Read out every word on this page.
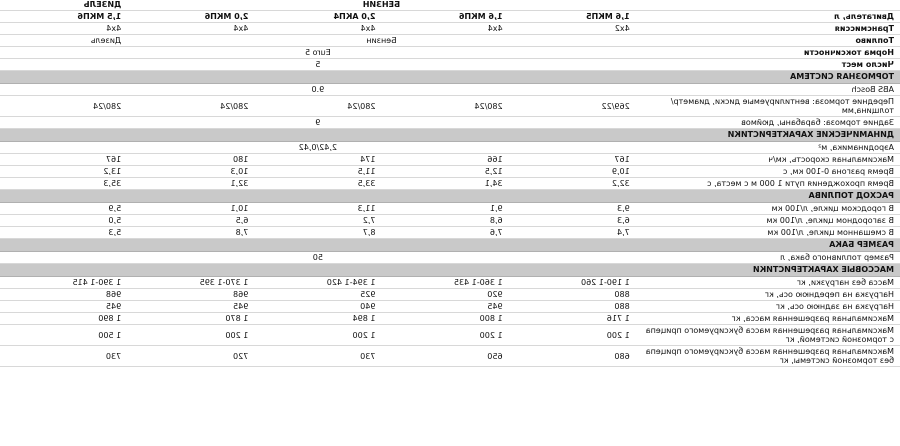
	БЕНЗИН				ДИЗЕЛЬ
Двигатель, л	1,6 МКП5	1,6 МКП6	2,0 АКП4	2,0 МКП6	1,5 МКП6
Трансмиссия	4x2	4x4	4x4	4x4	4x4
Топливо	Бензин				Дизель
Норма токсичности	Euro 5				
Число мест	5				
ТОРМОЗНАЯ СИСТЕМА					
ABS Bosch	9.0				
Передние тормоза: вентилируемые диски, диаметр/толщина,мм	269/22	280/24	280/24	280/24	280/24
Задние тормоза: барабаны, дюймов	9				
ДИНАМИЧЕСКИЕ ХАРАКТЕРИСТИКИ					
Аэродинамика, м²	2,42/0,42				
Максимальная скорость, км/ч	167	166	174	180	167
Время разгона 0-100 км, с	10,9	12,5	11,5	10,3	13,2
Время прохождения пути 1 000 м с места, с	32,2	34,1	33,5	32,1	35,3
РАСХОД ТОПЛИВА					
В городском цикле, л/100 км	9,3	9,1	11,3	10,1	5,9
В загородном цикле, л/100 км	6,3	6,8	7,2	6,5	5,0
В смешанном цикле, л/100 км	7,4	7,6	8,7	7,8	5,3
РАЗМЕР БАКА					
Размер топливного бака, л	50				
МАССОВЫЕ ХАРАКТЕРИСТИКИ					
Масса без нагрузки, кг	1 190-1 260	1 360-1 435	1 394-1 420	1 370-1 395	1 390-1 415
Нагрузка на переднюю ось, кг	880	920	925	968	968
Нагрузка на заднюю ось, кг	880	945	940	945	945
Максимальная разрешенная масса, кг	1 716	1 800	1 894	1 870	1 890
Максимальная разрешенная масса буксируемого прицепа с тормозной системой, кг	1 200	1 200	1 200	1 200	1 500
Максимальная разрешенная масса буксируемого прицепа без тормозной системы, кг	680	650	730	720	730
